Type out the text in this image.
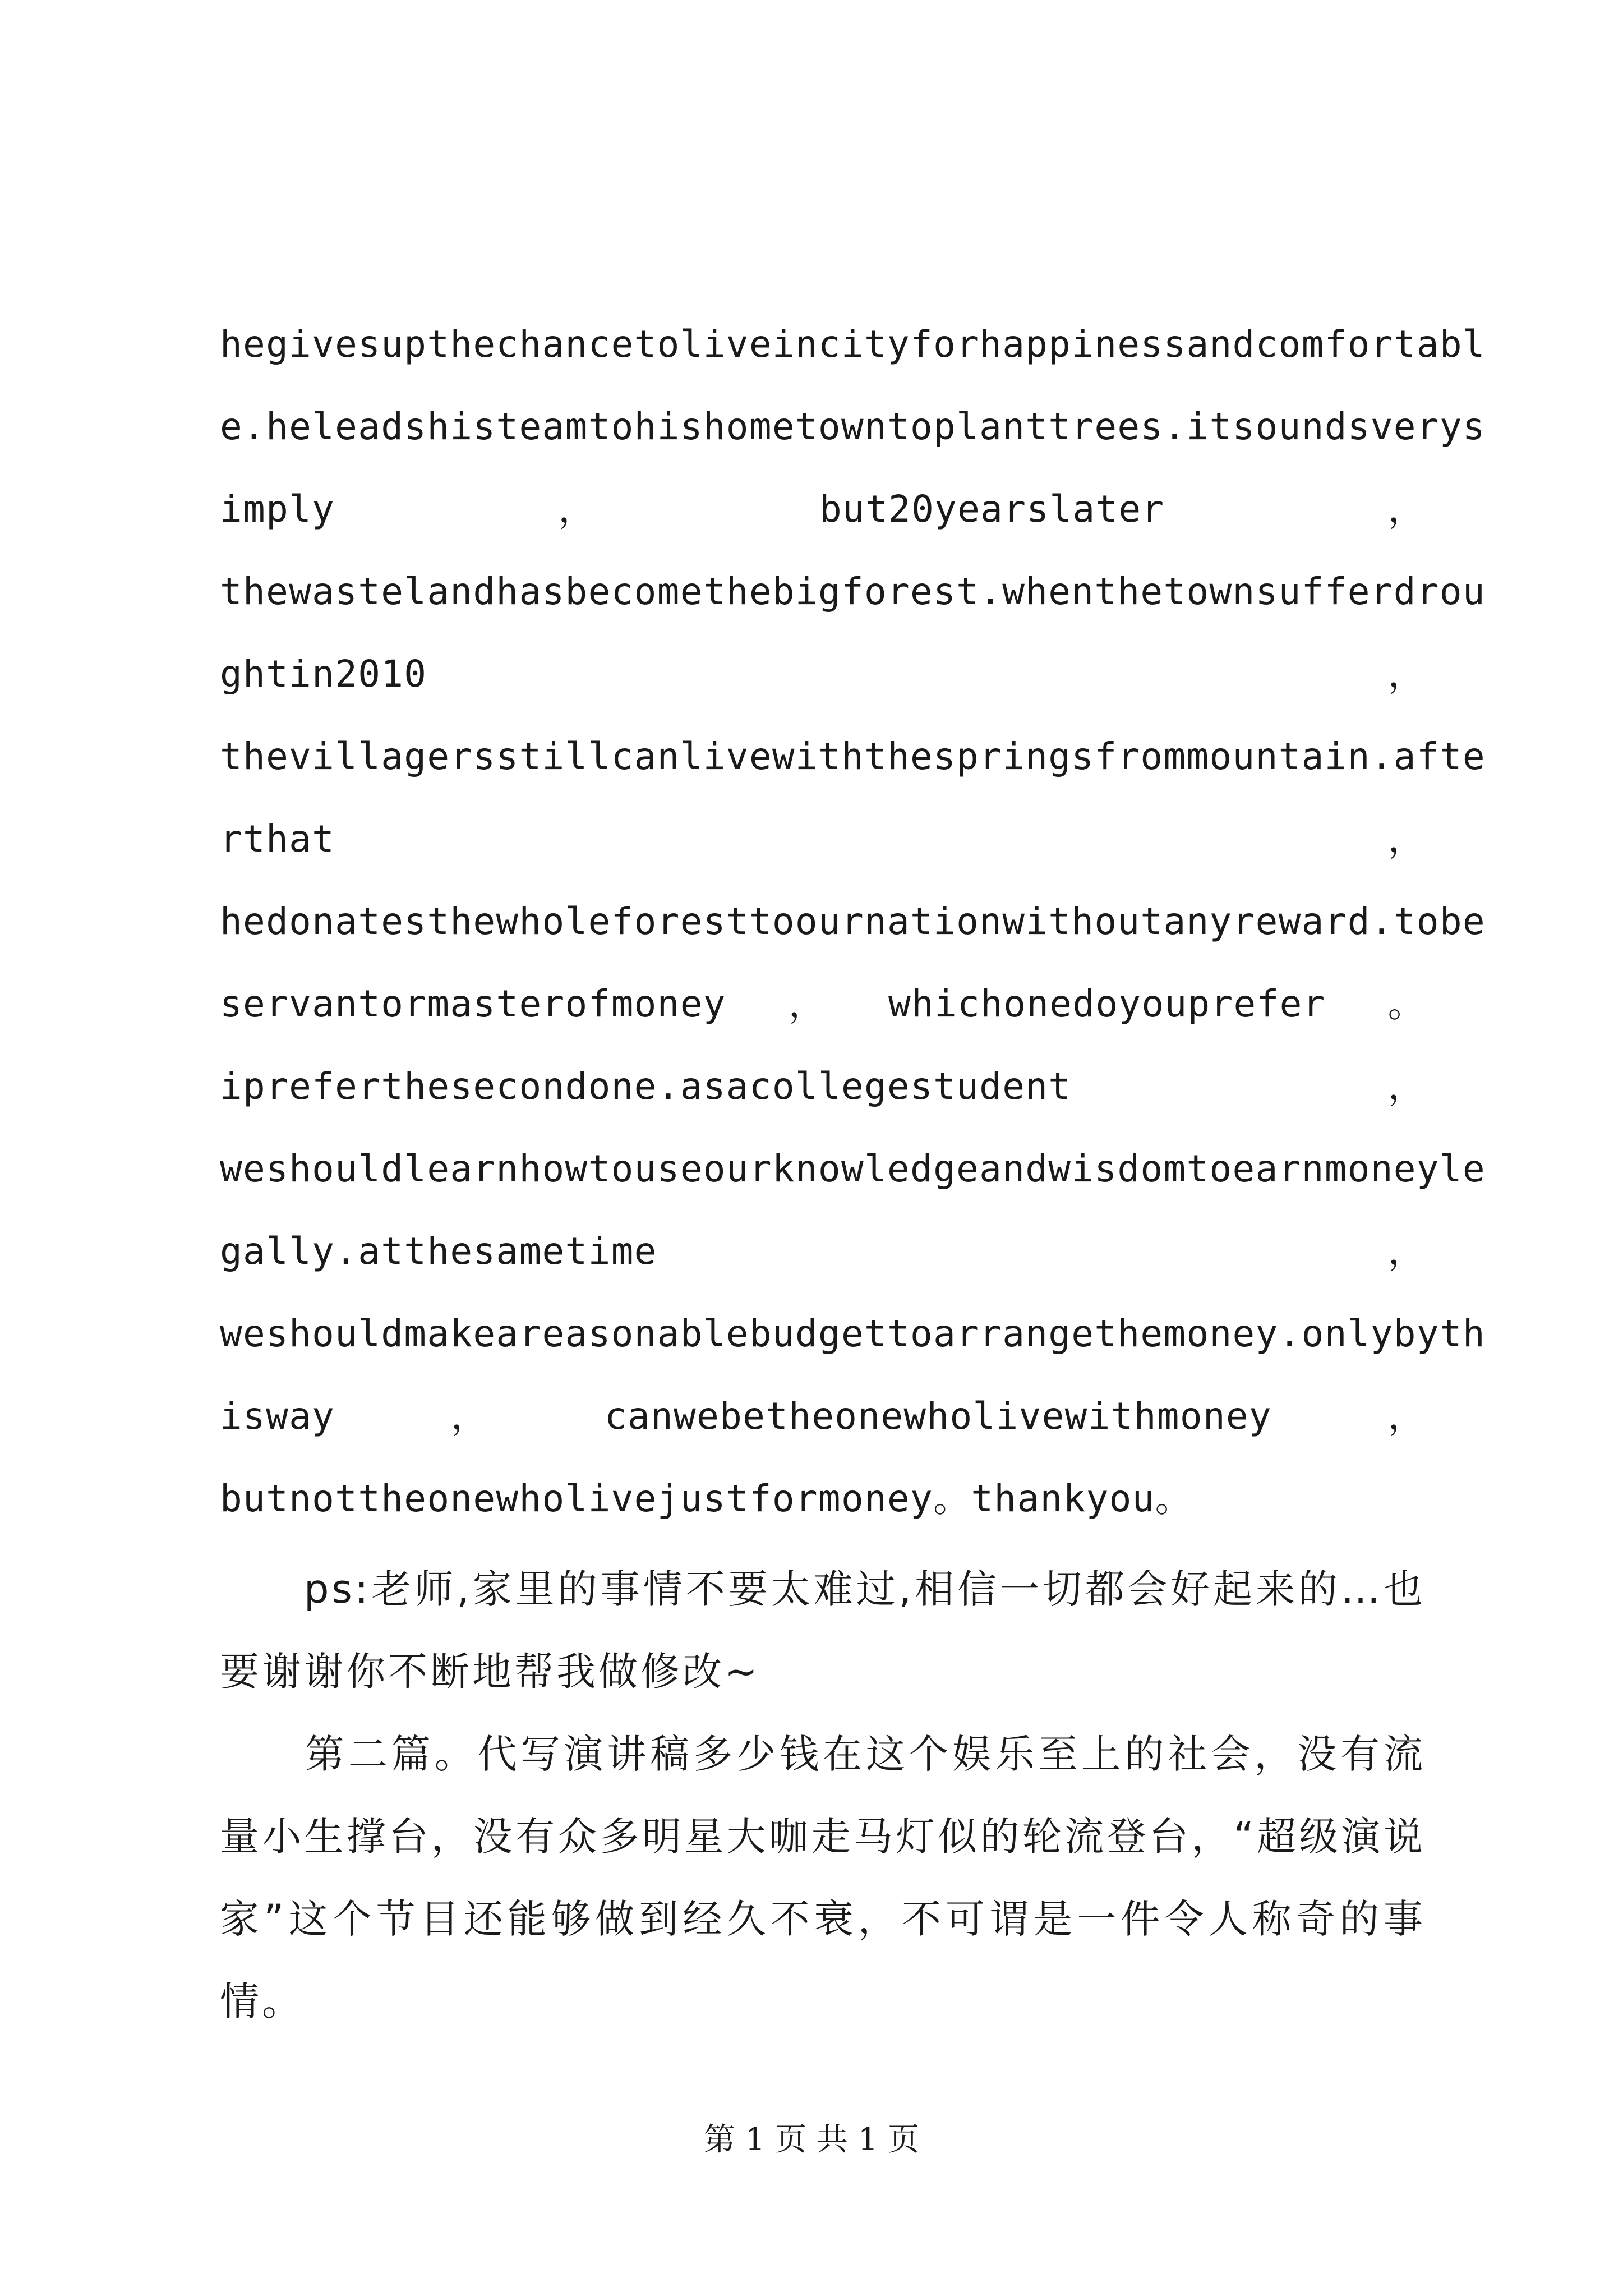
hegivesupthechancetoliveincityforhappinessandcomfortabl
e.heleadshisteamtohishometowntoplanttrees.itsoundsverys
imply	，	but20yearslater	，
thewastelandhasbecomethebigforest.whenthetownsufferdrou
ghtin2010	，
thevillagersstillcanlivewiththespringsfrommountain.afte
rthat	，
hedonatesthewholeforesttoournationwithoutanyreward.tobe
servantormasterofmoney ， whichonedoyouprefer 。
ipreferthesecondone.asacollegestudent	，
weshouldlearnhowtouseourknowledgeandwisdomtoearnmoneyle
gally.atthesametime	，
weshouldmakeareasonablebudgettoarrangethemoney.onlybyth
isway	，	canwebetheonewholivewithmoney	，
butnottheonewholivejustformoney。thankyou。

ps:老师,家里的事情不要太难过,相信一切都会好起来的…也要谢谢你不断地帮我做修改~

第二篇。代写演讲稿多少钱在这个娱乐至上的社会，没有流量小生撑台，没有众多明星大咖走马灯似的轮流登台，“超级演说家”这个节目还能够做到经久不衰，不可谓是一件令人称奇的事情。

第 1 页 共 1 页
